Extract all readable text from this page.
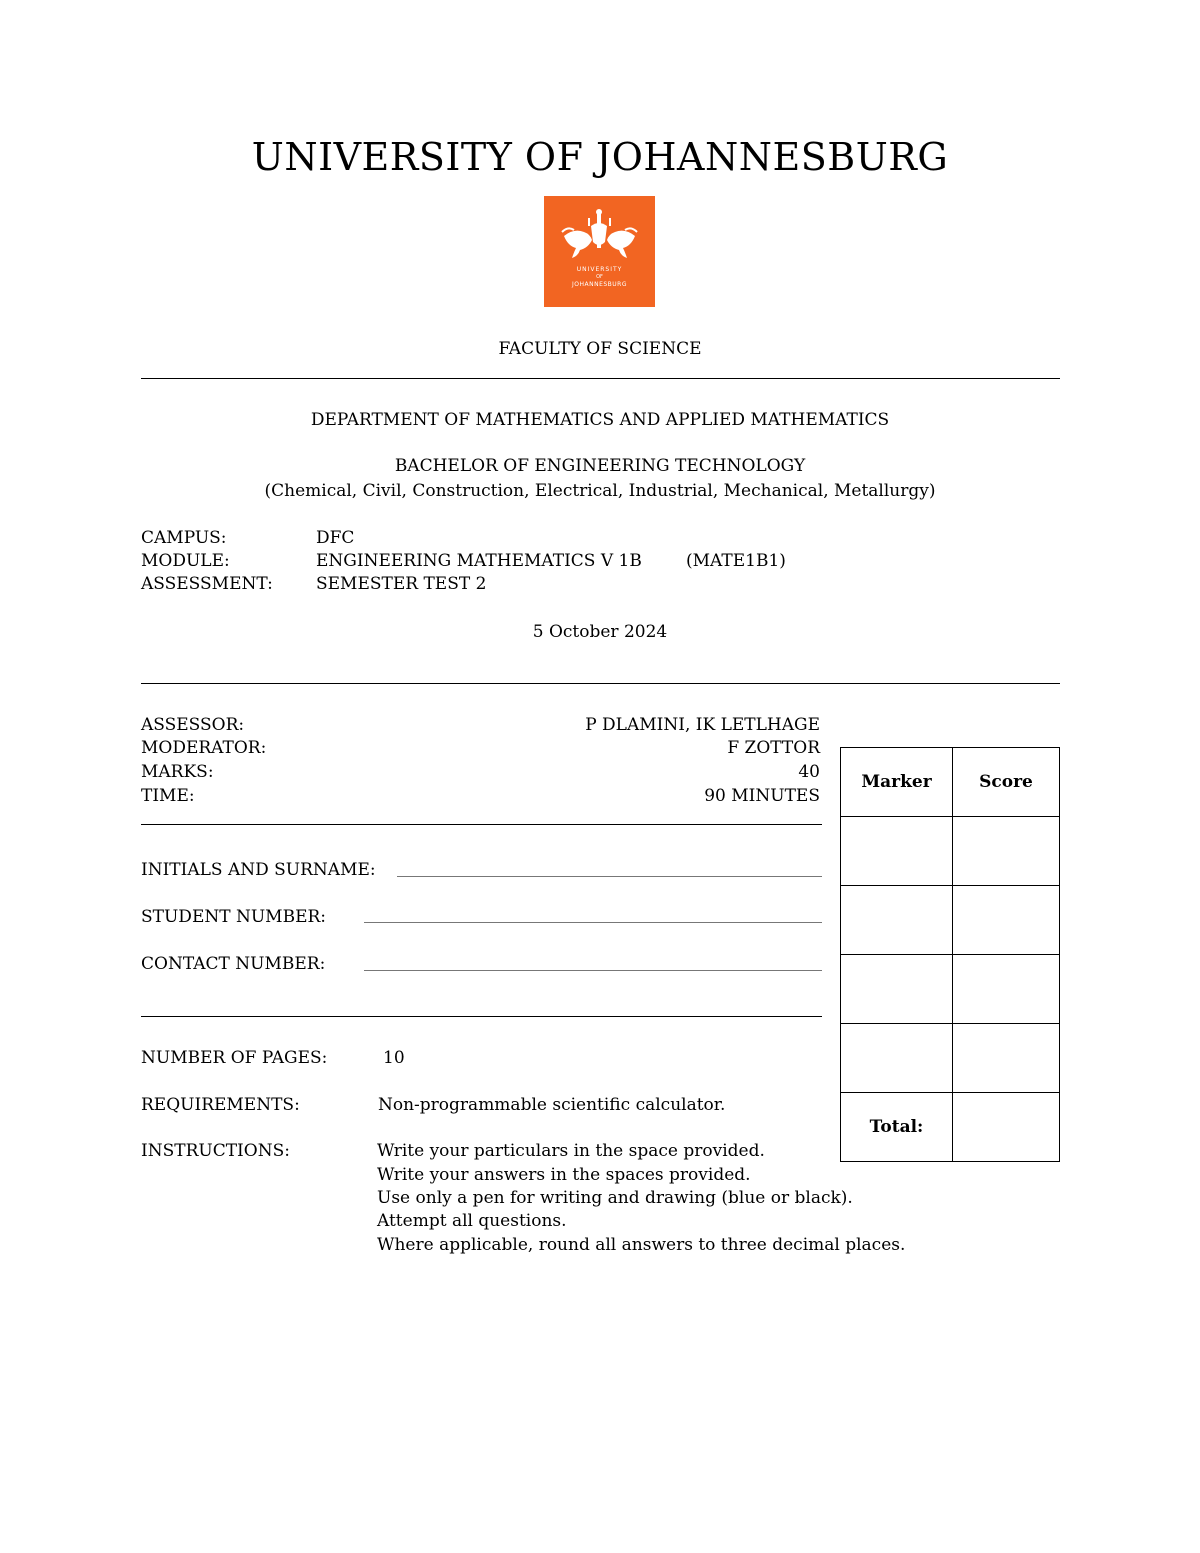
UNIVERSITY OF JOHANNESBURG
UNIVERSITY
OF
JOHANNESBURG
FACULTY OF SCIENCE
DEPARTMENT OF MATHEMATICS AND APPLIED MATHEMATICS
BACHELOR OF ENGINEERING TECHNOLOGY
(Chemical, Civil, Construction, Electrical, Industrial, Mechanical, Metallurgy)
CAMPUS:	DFC
MODULE:	ENGINEERING MATHEMATICS V 1B	(MATE1B1)
ASSESSMENT:	SEMESTER TEST 2
5 October 2024
ASSESSOR:	P DLAMINI, IK LETLHAGE
MODERATOR:	F ZOTTOR
MARKS:	40
TIME:	90 MINUTES
INITIALS AND SURNAME:
STUDENT NUMBER:
CONTACT NUMBER:
NUMBER OF PAGES:	10
REQUIREMENTS:	Non-programmable scientific calculator.
INSTRUCTIONS:	Write your particulars in the space provided.
Write your answers in the spaces provided.
Use only a pen for writing and drawing (blue or black).
Attempt all questions.
Where applicable, round all answers to three decimal places.
Marker	Score

Total:	
